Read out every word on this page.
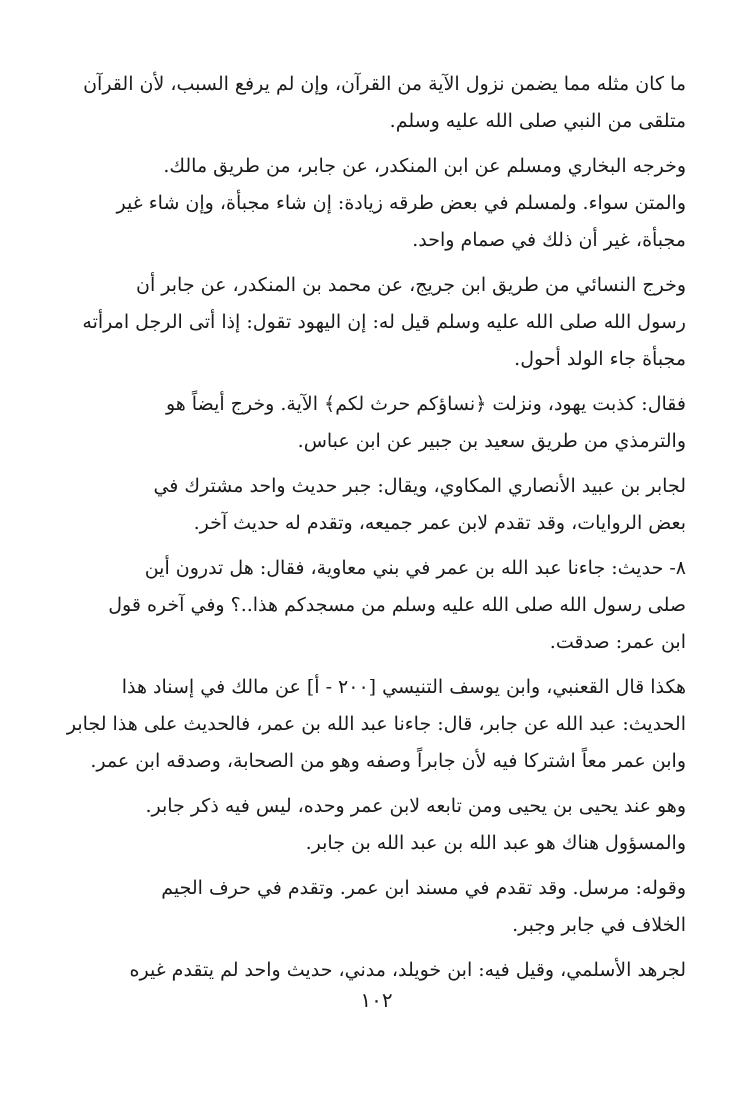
ما كان مثله مما يضمن نزول الآية من القرآن، وإن لم يرفع السبب، لأن القرآن
متلقى من النبي صلى الله عليه وسلم.

وخرجه البخاري ومسلم عن ابن المنكدر، عن جابر، من طريق مالك.
والمتن سواء. ولمسلم في بعض طرقه زيادة: إن شاء مجبأة، وإن شاء غير
مجبأة، غير أن ذلك في صمام واحد.

وخرج النسائي من طريق ابن جريج، عن محمد بن المنكدر، عن جابر أن
رسول الله صلى الله عليه وسلم قيل له: إن اليهود تقول: إذا أتى الرجل امرأته
مجبأة جاء الولد أحول.

فقال: كذبت يهود، ونزلت ﴿نساؤكم حرث لكم﴾ الآية. وخرج أيضاً هو
والترمذي من طريق سعيد بن جبير عن ابن عباس.

لجابر بن عبيد الأنصاري المكاوي، ويقال: جبر حديث واحد مشترك في
بعض الروايات، وقد تقدم لابن عمر جميعه، وتقدم له حديث آخر.

٨- حديث: جاءنا عبد الله بن عمر في بني معاوية، فقال: هل تدرون أين
صلى رسول الله صلى الله عليه وسلم من مسجدكم هذا..؟ وفي آخره قول
ابن عمر: صدقت.

هكذا قال القعنبي، وابن يوسف التنيسي [٢٠٠ - أ] عن مالك في إسناد هذا
الحديث: عبد الله عن جابر، قال: جاءنا عبد الله بن عمر، فالحديث على هذا لجابر
وابن عمر معاً اشتركا فيه لأن جابراً وصفه وهو من الصحابة، وصدقه ابن عمر.

وهو عند يحيى بن يحيى ومن تابعه لابن عمر وحده، ليس فيه ذكر جابر.
والمسؤول هناك هو عبد الله بن عبد الله بن جابر.

وقوله: مرسل. وقد تقدم في مسند ابن عمر. وتقدم في حرف الجيم
الخلاف في جابر وجبر.

لجرهد الأسلمي، وقيل فيه: ابن خويلد، مدني، حديث واحد لم يتقدم غيره

١٠٢
